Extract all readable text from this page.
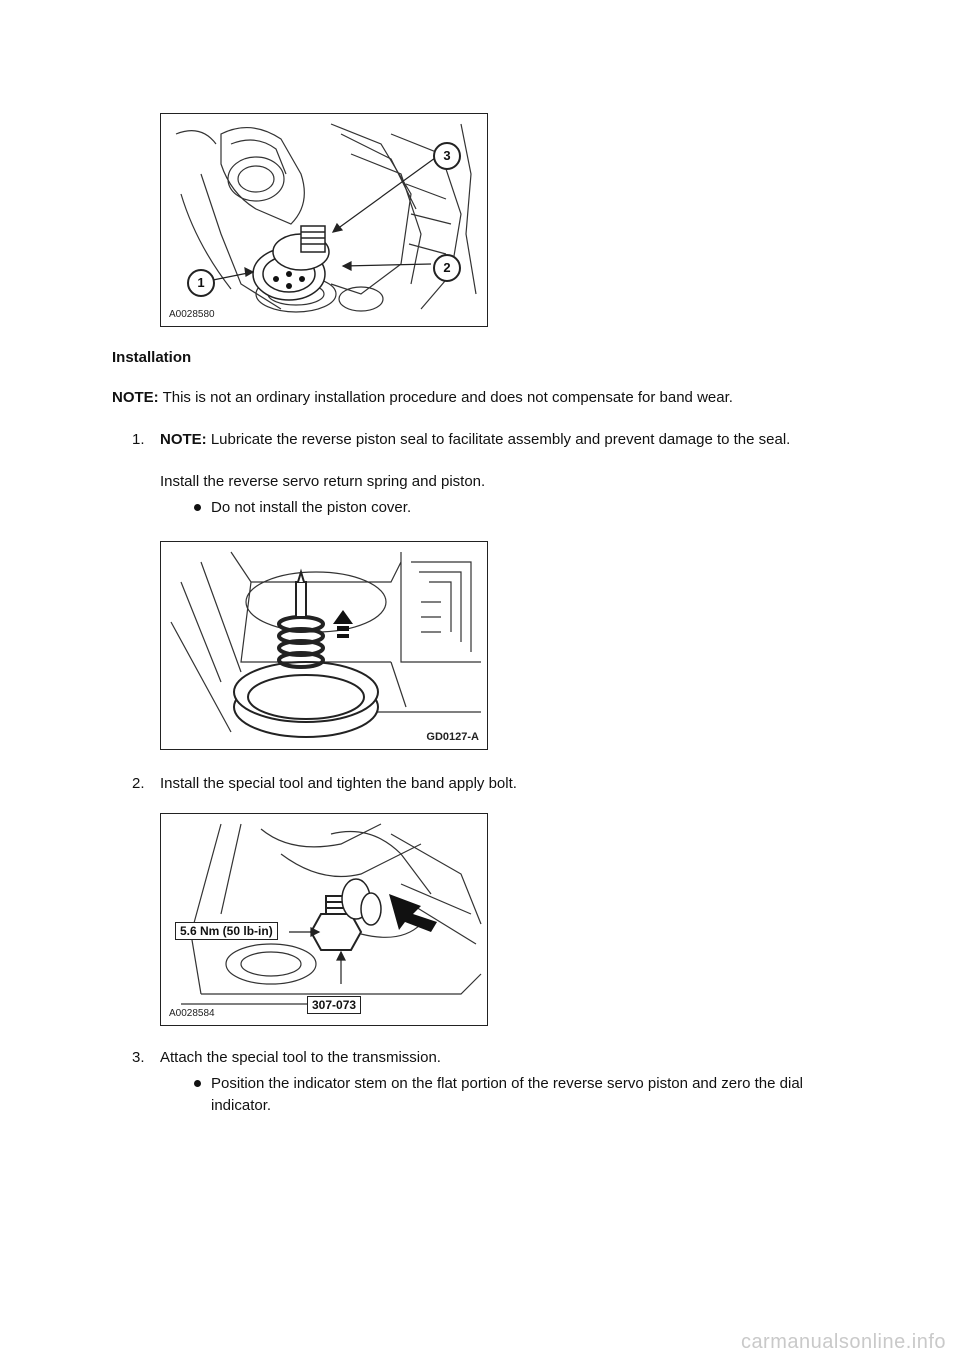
1
2
3
A0028580
Installation
NOTE: This is not an ordinary installation procedure and does not compensate for band wear.
1. NOTE: Lubricate the reverse piston seal to facilitate assembly and prevent damage to the seal.
Install the reverse servo return spring and piston.
Do not install the piston cover.
GD0127-A
2. Install the special tool and tighten the band apply bolt.
5.6 Nm (50 lb-in)
307-073
A0028584
3. Attach the special tool to the transmission.
Position the indicator stem on the flat portion of the reverse servo piston and zero the dial
indicator.
carmanualsonline.info
